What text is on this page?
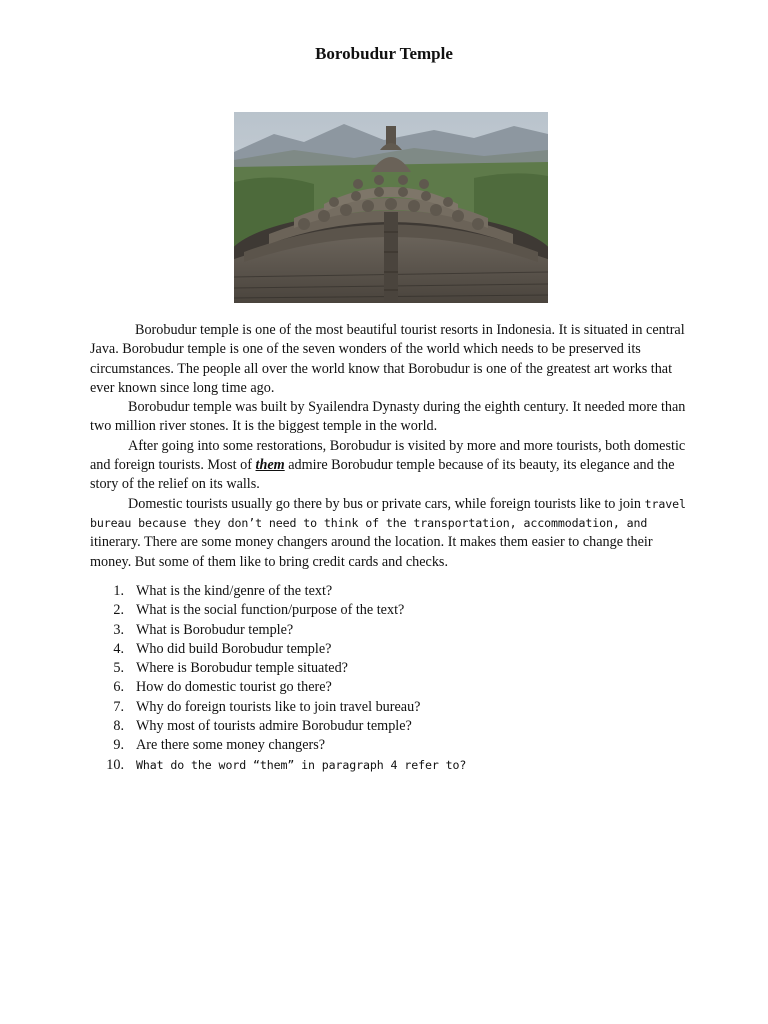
Borobudur Temple

Borobudur temple is one of the most beautiful tourist resorts in Indonesia. It is situated in central Java. Borobudur temple is one of the seven wonders of the world which needs to be preserved its circumstances. The people all over the world know that Borobudur is one of the greatest art works that ever known since long time ago.

Borobudur temple was built by Syailendra Dynasty during the eighth century. It needed more than two million river stones. It is the biggest temple in the world.

After going into some restorations, Borobudur is visited by more and more tourists, both domestic and foreign tourists. Most of them admire Borobudur temple because of its beauty, its elegance and the story of the relief on its walls.

Domestic tourists usually go there by bus or private cars, while foreign tourists like to join travel bureau because they don’t need to think of the transportation, accommodation, and itinerary. There are some money changers around the location. It makes them easier to change their money. But some of them like to bring credit cards and checks.

1. What is the kind/genre of the text?
2. What is the social function/purpose of the text?
3. What is Borobudur temple?
4. Who did build Borobudur temple?
5. Where is Borobudur temple situated?
6. How do domestic tourist go there?
7. Why do foreign tourists like to join travel bureau?
8. Why most of tourists admire Borobudur temple?
9. Are there some money changers?
10. What do the word “them” in paragraph 4 refer to?
